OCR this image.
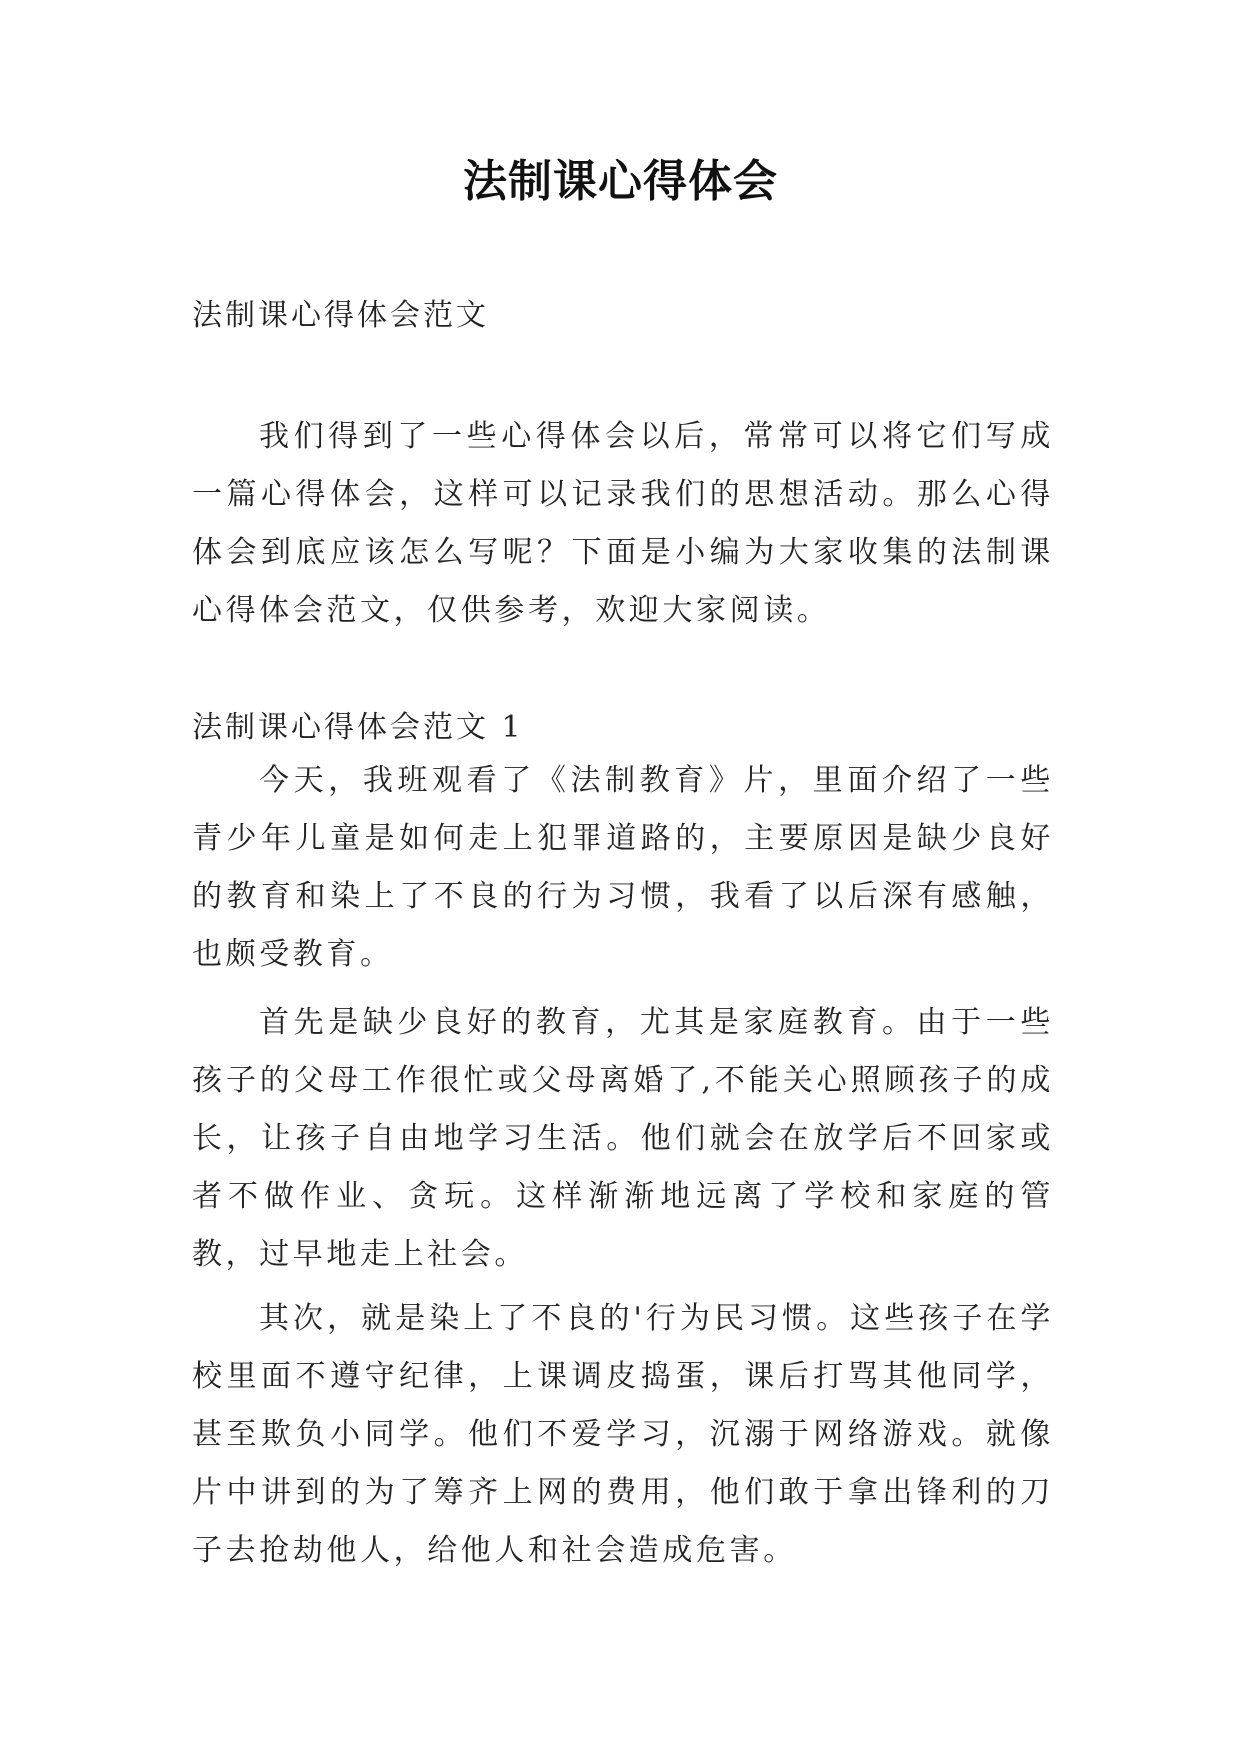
法制课心得体会

法制课心得体会范文

我们得到了一些心得体会以后，常常可以将它们写成一篇心得体会，这样可以记录我们的思想活动。那么心得体会到底应该怎么写呢？下面是小编为大家收集的法制课心得体会范文，仅供参考，欢迎大家阅读。

法制课心得体会范文 1

今天，我班观看了《法制教育》片，里面介绍了一些青少年儿童是如何走上犯罪道路的，主要原因是缺少良好的教育和染上了不良的行为习惯，我看了以后深有感触，也颇受教育。

首先是缺少良好的教育，尤其是家庭教育。由于一些孩子的父母工作很忙或父母离婚了,不能关心照顾孩子的成长，让孩子自由地学习生活。他们就会在放学后不回家或者不做作业、贪玩。这样渐渐地远离了学校和家庭的管教，过早地走上社会。

其次，就是染上了不良的'行为民习惯。这些孩子在学校里面不遵守纪律，上课调皮捣蛋，课后打骂其他同学，甚至欺负小同学。他们不爱学习，沉溺于网络游戏。就像片中讲到的为了筹齐上网的费用，他们敢于拿出锋利的刀子去抢劫他人，给他人和社会造成危害。
